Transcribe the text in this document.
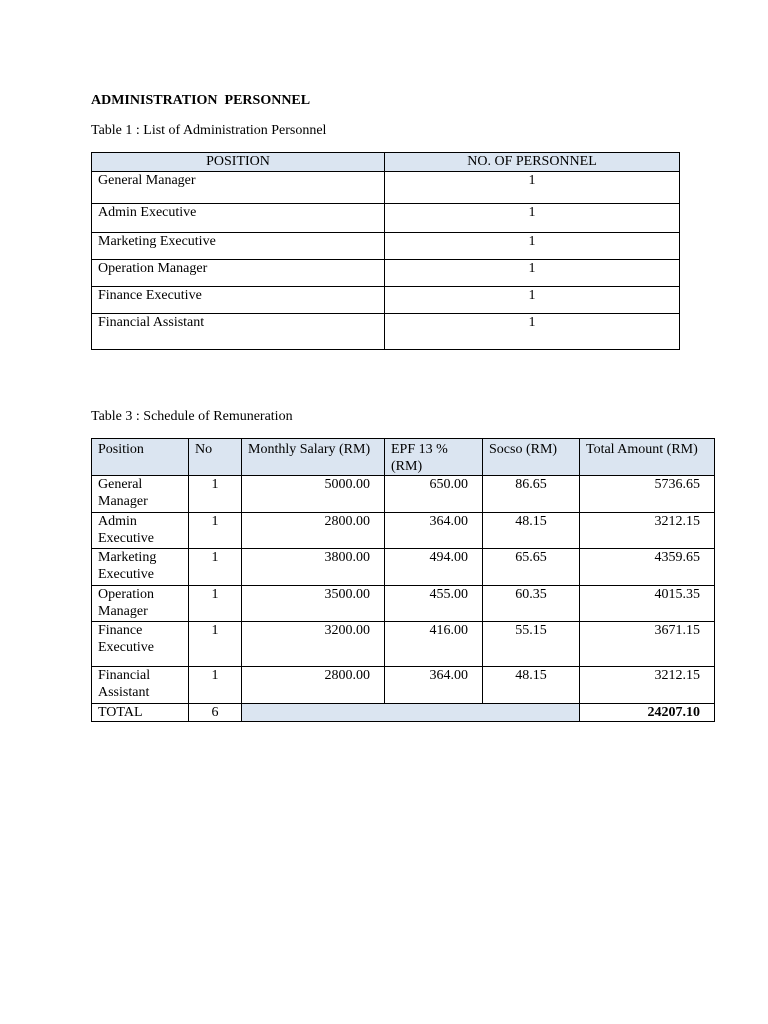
ADMINISTRATION  PERSONNEL
Table 1 : List of Administration Personnel
POSITION	NO. OF PERSONNEL
General Manager	1
Admin Executive	1
Marketing Executive	1
Operation Manager	1
Finance Executive	1
Financial Assistant	1
Table 3 : Schedule of Remuneration
Position	No	Monthly Salary (RM)	EPF 13 % (RM)	Socso (RM)	Total Amount (RM)
General Manager	1	5000.00	650.00	86.65	5736.65
Admin Executive	1	2800.00	364.00	48.15	3212.15
Marketing Executive	1	3800.00	494.00	65.65	4359.65
Operation Manager	1	3500.00	455.00	60.35	4015.35
Finance Executive	1	3200.00	416.00	55.15	3671.15
Financial Assistant	1	2800.00	364.00	48.15	3212.15
TOTAL	6				24207.10
